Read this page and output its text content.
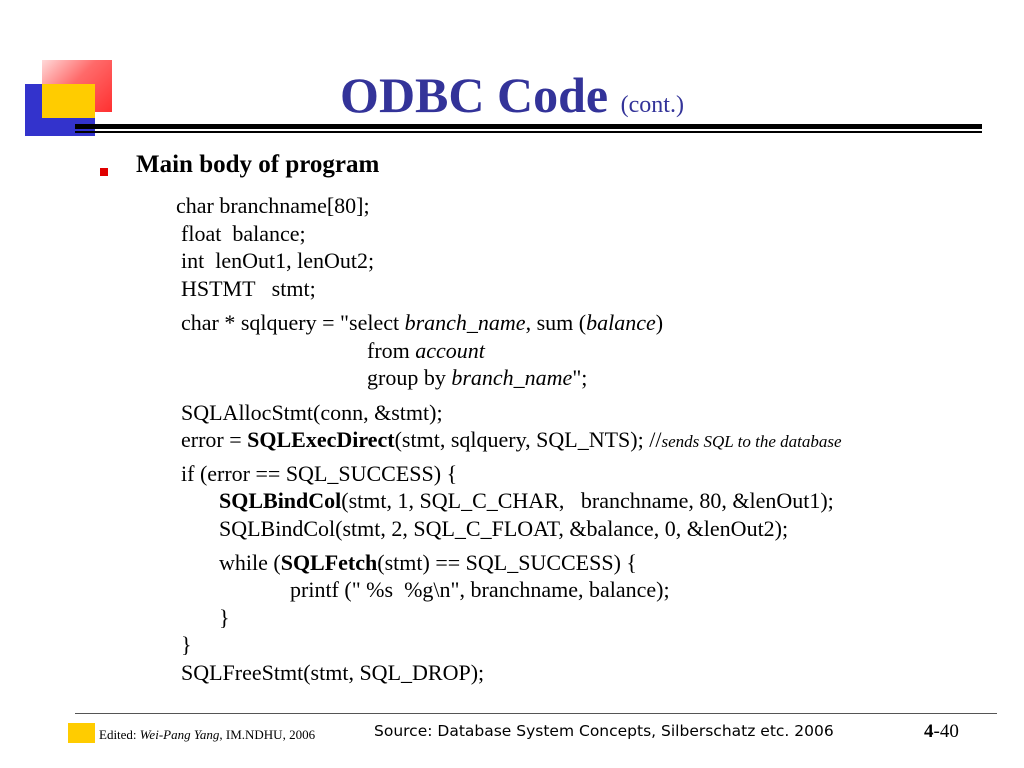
ODBC Code (cont.)
Main body of program
char branchname[80];
float  balance;
int  lenOut1, lenOut2;
HSTMT   stmt;
char * sqlquery = "select branch_name, sum (balance)
from account
group by branch_name";
SQLAllocStmt(conn, &stmt);
error = SQLExecDirect(stmt, sqlquery, SQL_NTS); //sends SQL to the database
if (error == SQL_SUCCESS) {
SQLBindCol(stmt, 1, SQL_C_CHAR,   branchname, 80, &lenOut1);
SQLBindCol(stmt, 2, SQL_C_FLOAT, &balance, 0, &lenOut2);
while (SQLFetch(stmt) == SQL_SUCCESS) {
printf (" %s  %g\n", branchname, balance);
}
}
SQLFreeStmt(stmt, SQL_DROP);
Edited: Wei-Pang Yang, IM.NDHU, 2006	Source: Database System Concepts, Silberschatz etc. 2006	4-40
